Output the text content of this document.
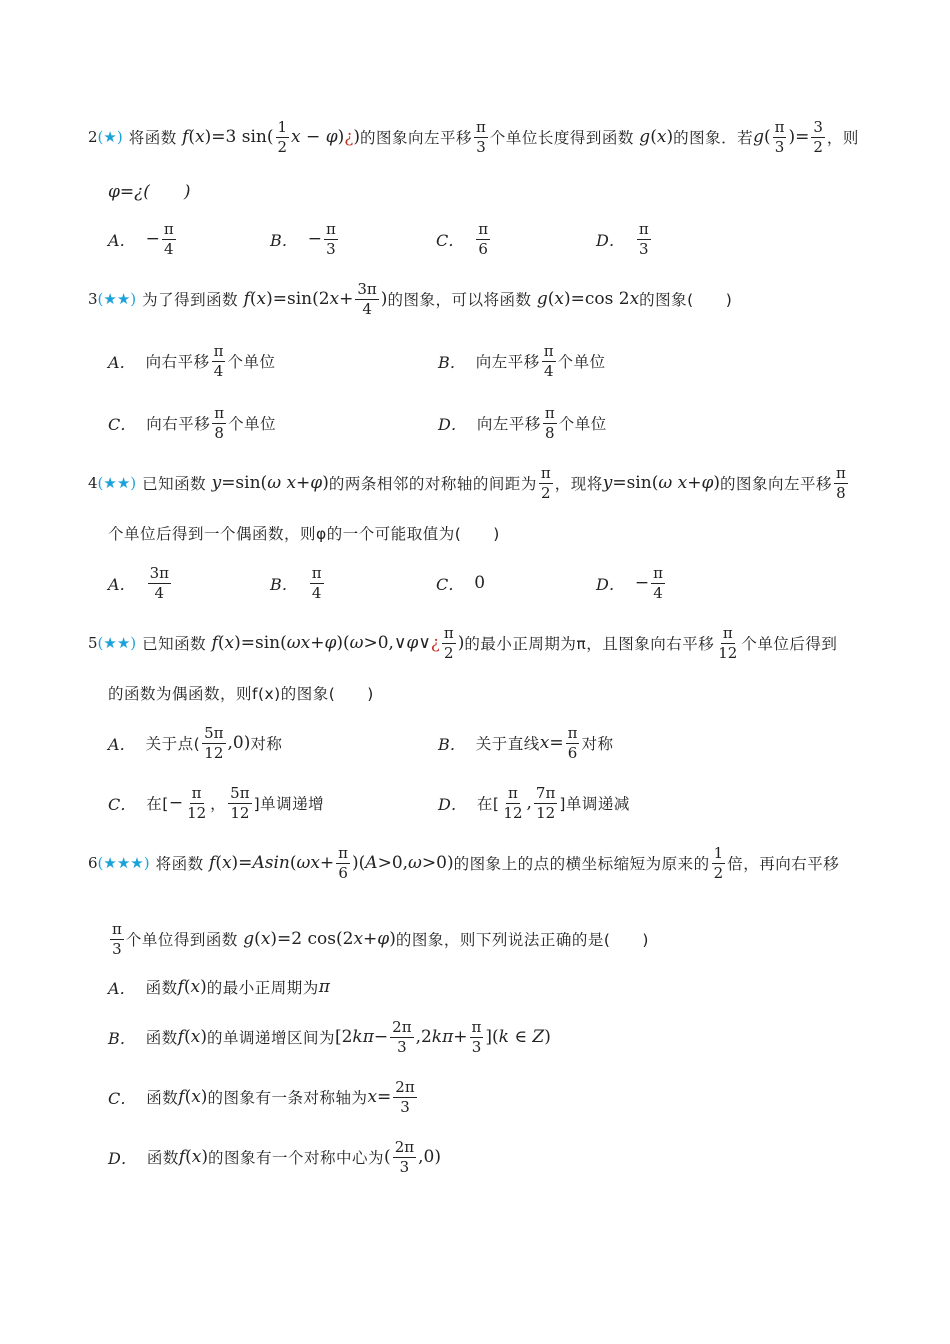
2 (★) 将函数 f ( x )=3 $\sin( \frac{1}{2}$ x − φ ) ¿ ) 的图象向左平移 $\frac{\pi}{3}$ 个单位长度得到函数 g ( x ) 的图象．若 g ( $\frac{\pi}{3}$ )= $\frac{3}{2}$ ，则
φ=¿(　　)
A． − $\frac{\pi}{4}$	B． − $\frac{\pi}{3}$	C． $\frac{\pi}{6}$	D． $\frac{\pi}{3}$
3 (★★) 为了得到函数 f ( x )=sin(2 $x + \frac{3\pi}{4}$ ) 的图象，可以将函数 g ( x )=cos 2 x 的图象(　　)
A． 向右平移 $\frac{\pi}{4}$ 个单位	B． 向左平移 $\frac{\pi}{4}$ 个单位
C． 向右平移 $\frac{\pi}{8}$ 个单位	D． 向左平移 $\frac{\pi}{8}$ 个单位
4 (★★) 已知函数 y =sin( ω x + φ ) 的两条相邻的对称轴的间距为 $\frac{\pi}{2}$ ，现将 y =sin( ω x + φ ) 的图象向左平移 $\frac{\pi}{8}$
个单位后得到一个偶函数，则φ的一个可能取值为(　　)
A． $\frac{3\pi}{4}$	B． $\frac{\pi}{4}$	C． 0	D． − $\frac{\pi}{4}$
5 (★★) 已知函数 f ( x )=sin( ωx + φ )( ω >0,∨ φ ∨ ¿ $\frac{\pi}{2}$ ) 的最小正周期为π，且图象向右平移 $\frac{\pi}{12}$ 个单位后得到
的函数为偶函数，则f(x)的图象(　　)
A． 关于点( $\frac{5\pi}{12} ,0$) 对称	B． 关于直线 $x = \frac{\pi}{6}$ 对称
C． 在[ − $\frac{\pi}{12}$ ， $\frac{5\pi}{12}$ ]单调递增	D． 在[ $\frac{\pi}{12}$ , $\frac{7\pi}{12}$ ]单调递减
6 (★★★) 将函数 f ( x )= Asin ( $\omega x + \frac{\pi}{6}$ )( A >0, ω >0) 的图象上的点的横坐标缩短为原来的 $\frac{1}{2}$ 倍，再向右平移
$\frac{\pi}{3}$ 个单位得到函数 g ( x )=2 cos(2 x + φ ) 的图象，则下列说法正确的是(　　)
A． 函数 f ( x ) 的最小正周期为 π
B． 函数 f ( x ) 的单调递增区间为 [2 $k\pi - \frac{2\pi}{3} ,2$ $k\pi + \frac{\pi}{3}$ ]( k ∈ Z )
C． 函数 f ( x ) 的图象有一条对称轴为 $x = \frac{2\pi}{3}$
D． 函数 f ( x ) 的图象有一个对称中心为 ( $\frac{2\pi}{3} ,0$)
